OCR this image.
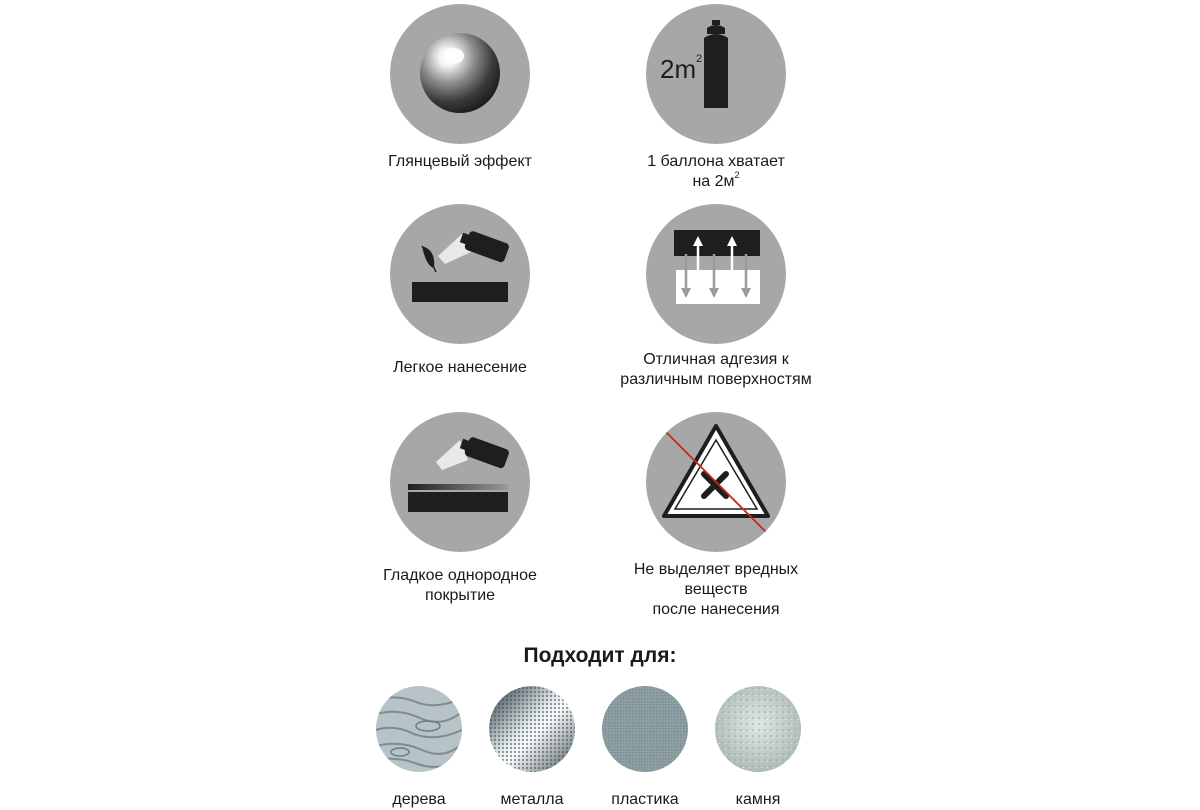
Глянцевый эффект
2m 2
1 баллона хватает
на $2м^2$
Легкое нанесение	Отличная адгезия к
различным поверхностям
Гладкое однородное
покрытие
Не выделяет вредных
веществ
после нанесения
Подходит для:
дерева	металла	пластика	камня
